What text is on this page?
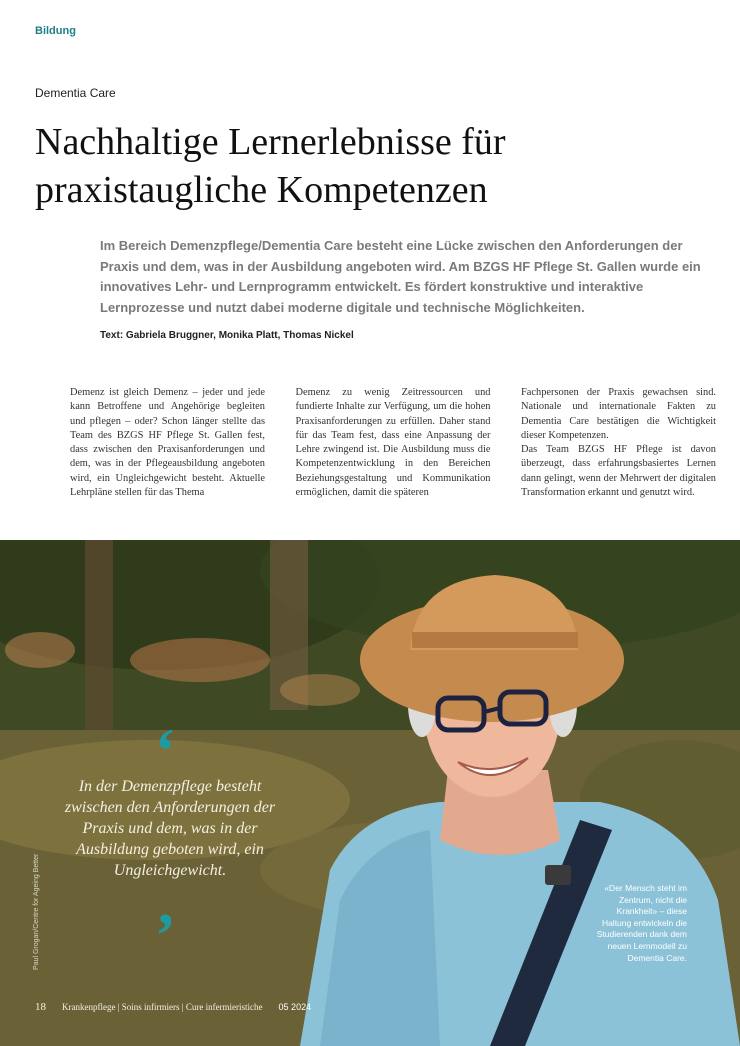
Bildung
Dementia Care
Nachhaltige Lernerlebnisse für praxistaugliche Kompetenzen

Im Bereich Demenzpflege/Dementia Care besteht eine Lücke zwischen den Anforderungen der Praxis und dem, was in der Ausbildung angeboten wird. Am BZGS HF Pflege St. Gallen wurde ein innovatives Lehr- und Lernprogramm entwickelt. Es fördert konstruktive und interaktive Lernprozesse und nutzt dabei moderne digitale und technische Möglichkeiten.

Text: Gabriela Bruggner, Monika Platt, Thomas Nickel

Demenz ist gleich Demenz – jeder und jede kann Betroffene und Angehörige begleiten und pflegen – oder? Schon länger stellte das Team des BZGS HF Pflege St. Gallen fest, dass zwischen den Praxisanforderungen und dem, was in der Pflegeausbildung angeboten wird, ein Ungleichgewicht besteht. Aktuelle Lehrpläne stellen für das Thema

Demenz zu wenig Zeitressourcen und fundierte Inhalte zur Verfügung, um die hohen Praxisanforderungen zu erfüllen. Daher stand für das Team fest, dass eine Anpassung der Lehre zwingend ist. Die Ausbildung muss die Kompetenzentwicklung in den Bereichen Beziehungsgestaltung und Kommunikation ermöglichen, damit die späteren

Fachpersonen der Praxis gewachsen sind. Nationale und internationale Fakten zu Dementia Care bestätigen die Wichtigkeit dieser Kompetenzen.

Das Team BZGS HF Pflege ist davon überzeugt, dass erfahrungsbasiertes Lernen dann gelingt, wenn der Mehrwert der digitalen Transformation erkannt und genutzt wird.

‘

In der Demenzpflege besteht zwischen den Anforderungen der Praxis und dem, was in der Ausbildung geboten wird, ein Ungleichgewicht.

’
Paul Grogan/Centre for Ageing Better	«Der Mensch steht im Zentrum, nicht die Krankheit» – diese Haltung entwickeln die Studierenden dank dem neuen Lernmodell zu Dementia Care.

18 Krankenpflege | Soins infirmiers | Cure infermieristiche 05 2024
